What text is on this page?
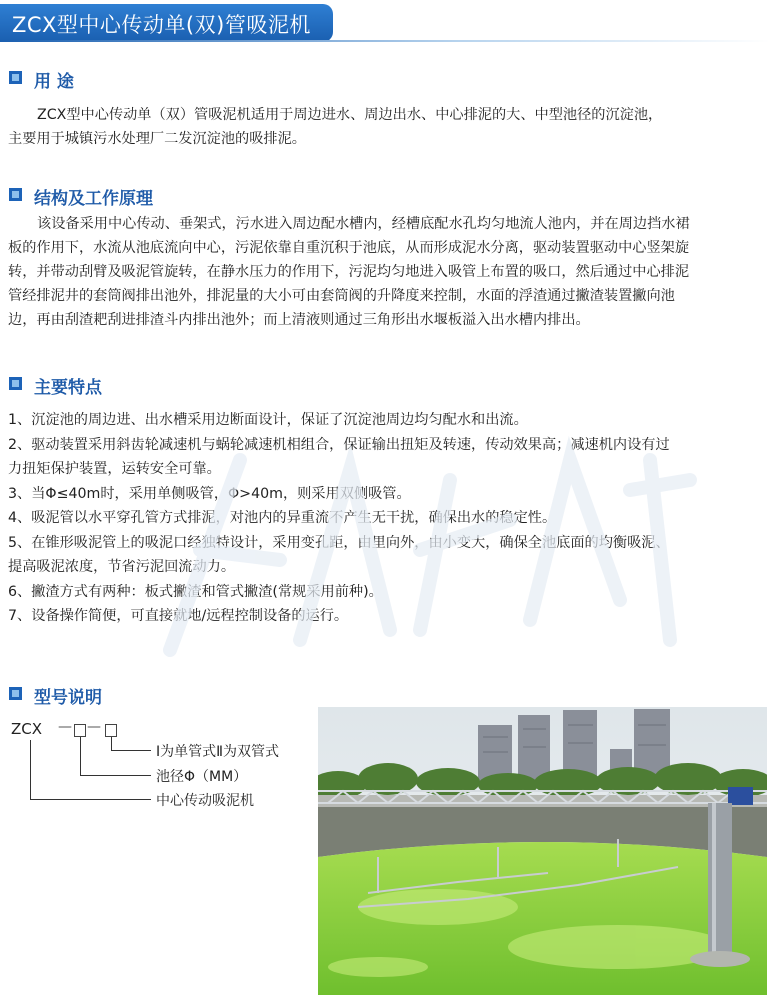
ZCX型中心传动单(双)管吸泥机
用 途
ZCX型中心传动单（双）管吸泥机适用于周边进水、周边出水、中心排泥的大、中型池径的沉淀池，
主要用于城镇污水处理厂二发沉淀池的吸排泥。
结构及工作原理
该设备采用中心传动、垂架式，污水进入周边配水槽内，经槽底配水孔均匀地流人池内，并在周边挡水裙
板的作用下，水流从池底流向中心，污泥依靠自重沉积于池底，从而形成泥水分离，驱动装置驱动中心竖架旋
转，并带动刮臂及吸泥管旋转，在静水压力的作用下，污泥均匀地进入吸管上布置的吸口，然后通过中心排泥
管经排泥井的套筒阀排出池外，排泥量的大小可由套筒阀的升降度来控制，水面的浮渣通过撇渣装置撇向池
边，再由刮渣耙刮进排渣斗内排出池外；而上清液则通过三角形出水堰板溢入出水槽内排出。
主要特点
1、沉淀池的周边进、出水槽采用边断面设计，保证了沉淀池周边均匀配水和出流。
2、驱动装置采用斜齿轮减速机与蜗轮减速机相组合，保证输出扭矩及转速，传动效果高；减速机内设有过
力扭矩保护装置，运转安全可靠。
3、当Φ≤40m时，采用单侧吸管，Φ>40m，则采用双侧吸管。
4、吸泥管以水平穿孔管方式排泥，对池内的异重流不产生无干扰，确保出水的稳定性。
5、在锥形吸泥管上的吸泥口经独特设计，采用变孔距，由里向外，由小变大，确保全池底面的均衡吸泥、
提高吸泥浓度，节省污泥回流动力。
6、撇渣方式有两种：板式撇渣和管式撇渣(常规采用前种)。
7、设备操作简便，可直接就地/远程控制设备的运行。
型号说明
ZCX — —
Ⅰ为单管式Ⅱ为双管式
池径Φ（MM）
中心传动吸泥机
